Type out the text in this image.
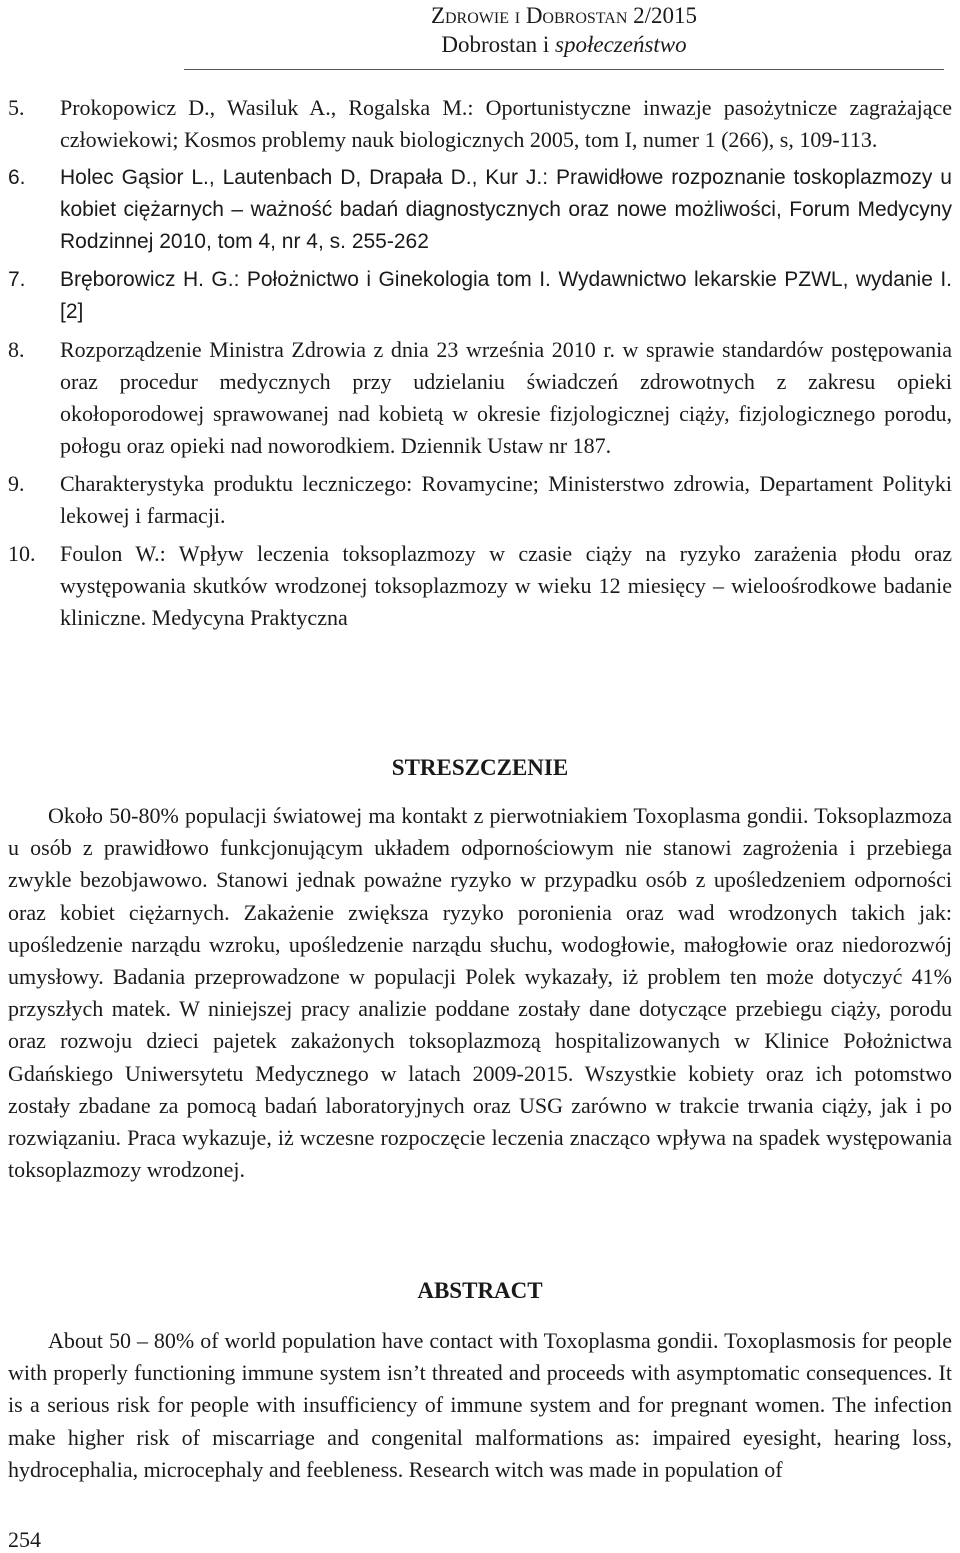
Zdrowie i Dobrostan 2/2015
Dobrostan i społeczeństwo
5.	Prokopowicz D., Wasiluk A., Rogalska M.: Oportunistyczne inwazje pasożytnicze zagrażające człowiekowi; Kosmos problemy nauk biologicznych 2005, tom I, numer 1 (266), s, 109-113.
6.	Holec Gąsior L., Lautenbach D, Drapała D., Kur J.: Prawidłowe rozpoznanie toskoplazmozy u kobiet ciężarnych – ważność badań diagnostycznych oraz nowe możliwości, Forum Medycyny Rodzinnej 2010, tom 4, nr 4, s. 255-262
7.	Bręborowicz H. G.: Położnictwo i Ginekologia tom I. Wydawnictwo lekarskie PZWL, wydanie I. [2]
8.	Rozporządzenie Ministra Zdrowia z dnia 23 września 2010 r. w sprawie standardów postępowania oraz procedur medycznych przy udzielaniu świadczeń zdrowotnych z zakresu opieki okołoporodowej sprawowanej nad kobietą w okresie fizjologicznej ciąży, fizjologicznego porodu, połogu oraz opieki nad noworodkiem. Dziennik Ustaw nr 187.
9.	Charakterystyka produktu leczniczego: Rovamycine; Ministerstwo zdrowia, Departament Polityki lekowej i farmacji.
10.	Foulon W.: Wpływ leczenia toksoplazmozy w czasie ciąży na ryzyko zarażenia płodu oraz występowania skutków wrodzonej toksoplazmozy w wieku 12 miesięcy – wieloośrodkowe badanie kliniczne. Medycyna Praktyczna
STRESZCZENIE
Około 50-80% populacji światowej ma kontakt z pierwotniakiem Toxoplasma gondii. Toksoplazmoza u osób z prawidłowo funkcjonującym układem odpornościowym nie stanowi zagrożenia i przebiega zwykle bezobjawowo. Stanowi jednak poważne ryzyko w przypadku osób z upośledzeniem odporności oraz kobiet ciężarnych. Zakażenie zwiększa ryzyko poronienia oraz wad wrodzonych takich jak: upośledzenie narządu wzroku, upośledzenie narządu słuchu, wodogłowie, małogłowie oraz niedorozwój umysłowy. Badania przeprowadzone w populacji Polek wykazały, iż problem ten może dotyczyć 41% przyszłych matek. W niniejszej pracy analizie poddane zostały dane dotyczące przebiegu ciąży, porodu oraz rozwoju dzieci pajetek zakażonych toksoplazmozą hospitalizowanych w Klinice Położnictwa Gdańskiego Uniwersytetu Medycznego w latach 2009-2015. Wszystkie kobiety oraz ich potomstwo zostały zbadane za pomocą badań laboratoryjnych oraz USG zarówno w trakcie trwania ciąży, jak i po rozwiązaniu. Praca wykazuje, iż wczesne rozpoczęcie leczenia znacząco wpływa na spadek występowania toksoplazmozy wrodzonej.
ABSTRACT
About 50 – 80% of world population have contact with Toxoplasma gondii. Toxoplasmosis for people with properly functioning immune system isn’t threated and proceeds with asymptomatic consequences. It is a serious risk for people with insufficiency of immune system and for pregnant women. The infection make higher risk of miscarriage and congenital malformations as: impaired eyesight, hearing loss, hydrocephalia, microcephaly and feebleness. Research witch was made in population of
254
